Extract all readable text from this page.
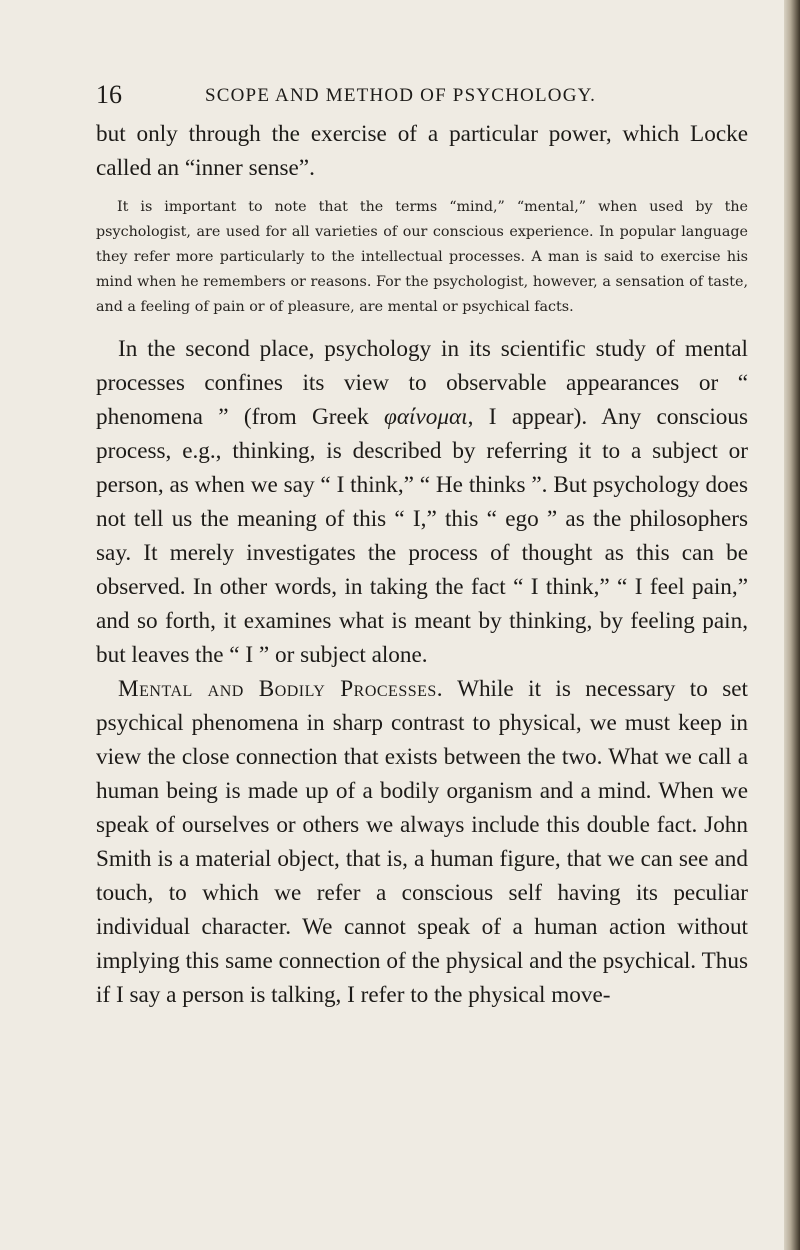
16	SCOPE AND METHOD OF PSYCHOLOGY.

but only through the exercise of a particular power, which Locke called an “inner sense”.

It is important to note that the terms “mind,” “mental,” when used by the psychologist, are used for all varieties of our conscious experience. In popular language they refer more particularly to the intellectual processes. A man is said to exercise his mind when he remembers or reasons. For the psychologist, however, a sensation of taste, and a feeling of pain or of pleasure, are mental or psychical facts.

In the second place, psychology in its scientific study of mental processes confines its view to observable appearances or “ phenomena ” (from Greek φαίνομαι, I appear). Any conscious process, e.g., thinking, is described by referring it to a subject or person, as when we say “ I think,” “ He thinks ”. But psychology does not tell us the meaning of this “ I,” this “ ego ” as the philosophers say. It merely investigates the process of thought as this can be observed. In other words, in taking the fact “ I think,” “ I feel pain,” and so forth, it examines what is meant by thinking, by feeling pain, but leaves the “ I ” or subject alone.

Mental and Bodily Processes. While it is necessary to set psychical phenomena in sharp contrast to physical, we must keep in view the close connection that exists between the two. What we call a human being is made up of a bodily organism and a mind. When we speak of ourselves or others we always include this double fact. John Smith is a material object, that is, a human figure, that we can see and touch, to which we refer a conscious self having its peculiar individual character. We cannot speak of a human action without implying this same connection of the physical and the psychical. Thus if I say a person is talking, I refer to the physical move-
